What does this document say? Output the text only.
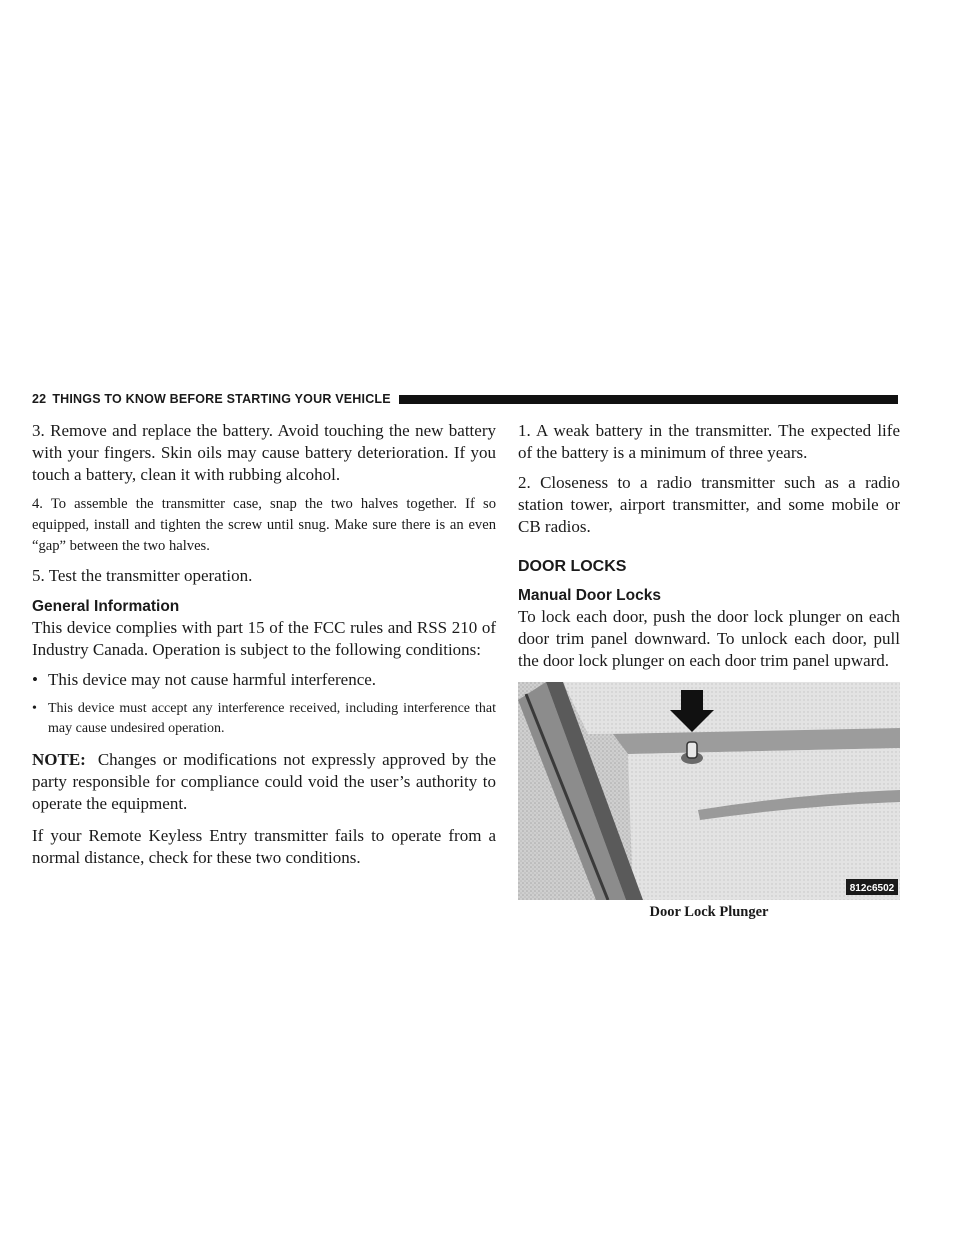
22 THINGS TO KNOW BEFORE STARTING YOUR VEHICLE

3. Remove and replace the battery. Avoid touching the new battery with your fingers. Skin oils may cause battery deterioration. If you touch a battery, clean it with rubbing alcohol.

4. To assemble the transmitter case, snap the two halves together. If so equipped, install and tighten the screw until snug. Make sure there is an even “gap” between the two halves.

5. Test the transmitter operation.

General Information

This device complies with part 15 of the FCC rules and RSS 210 of Industry Canada. Operation is subject to the following conditions:

• This device may not cause harmful interference.
• This device must accept any interference received, including interference that may cause undesired operation.

NOTE: Changes or modifications not expressly approved by the party responsible for compliance could void the user’s authority to operate the equipment.

If your Remote Keyless Entry transmitter fails to operate from a normal distance, check for these two conditions.

1. A weak battery in the transmitter. The expected life of the battery is a minimum of three years.

2. Closeness to a radio transmitter such as a radio station tower, airport transmitter, and some mobile or CB radios.

DOOR LOCKS
Manual Door Locks

To lock each door, push the door lock plunger on each door trim panel downward. To unlock each door, pull the door lock plunger on each door trim panel upward.

812c6502
Door Lock Plunger
